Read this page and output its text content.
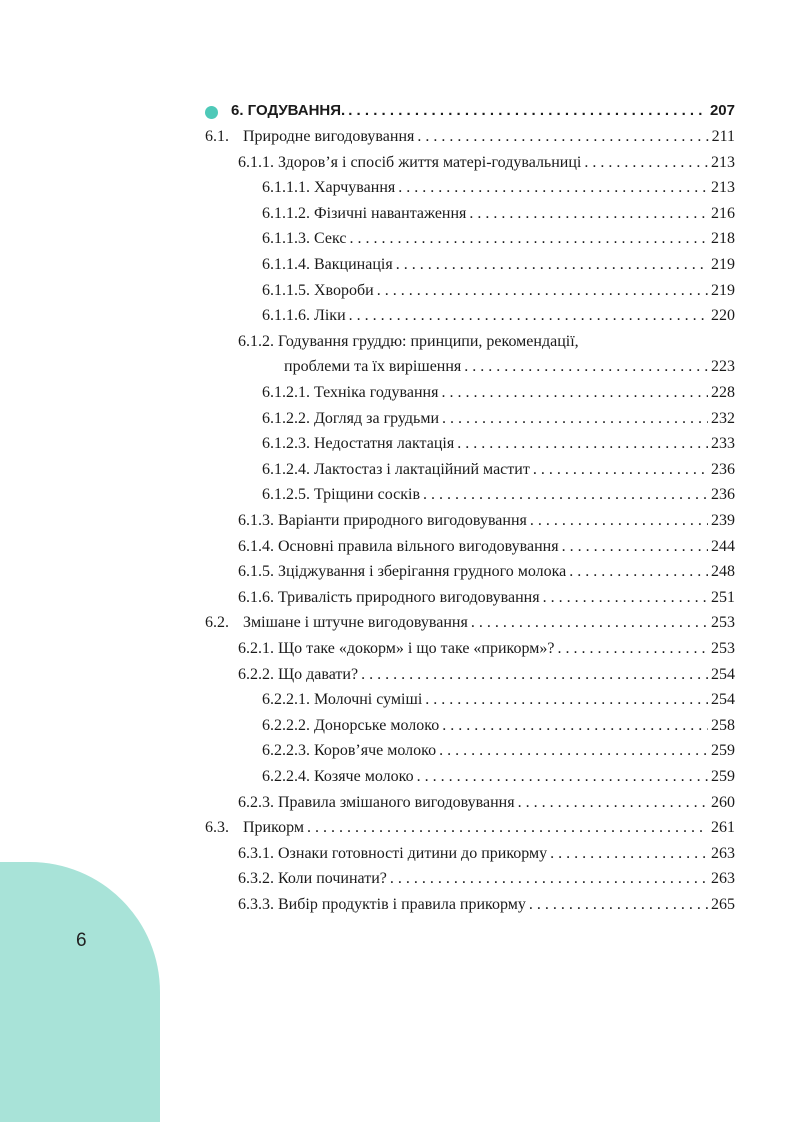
6
6. ГОДУВАННЯ. . . .	207
6.1. Природне вигодовування . . .	211
6.1.1. Здоров’я і спосіб життя матері-годувальниці . . .	213
6.1.1.1. Харчування . . .	213
6.1.1.2. Фізичні навантаження . . .	216
6.1.1.3. Секс . . .	218
6.1.1.4. Вакцинація . . .	219
6.1.1.5. Хвороби . . .	219
6.1.1.6. Ліки . . .	220
6.1.2. Годування груддю: принципи, рекомендації,
проблеми та їх вирішення . . .	223
6.1.2.1. Техніка годування . . .	228
6.1.2.2. Догляд за грудьми . . .	232
6.1.2.3. Недостатня лактація . . .	233
6.1.2.4. Лактостаз і лактаційний мастит . . .	236
6.1.2.5. Тріщини сосків . . .	236
6.1.3. Варіанти природного вигодовування . . .	239
6.1.4. Основні правила вільного вигодовування . . .	244
6.1.5. Зціджування і зберігання грудного молока . . .	248
6.1.6. Тривалість природного вигодовування . . .	251
6.2. Змішане і штучне вигодовування . . .	253
6.2.1. Що таке «докорм» і що таке «прикорм»? . . .	253
6.2.2. Що давати? . . .	254
6.2.2.1. Молочні суміші . . .	254
6.2.2.2. Донорське молоко . . .	258
6.2.2.3. Коров’яче молоко . . .	259
6.2.2.4. Козяче молоко . . .	259
6.2.3. Правила змішаного вигодовування . . .	260
6.3. Прикорм . . .	261
6.3.1. Ознаки готовності дитини до прикорму . . .	263
6.3.2. Коли починати? . . .	263
6.3.3. Вибір продуктів і правила прикорму . . .	265
